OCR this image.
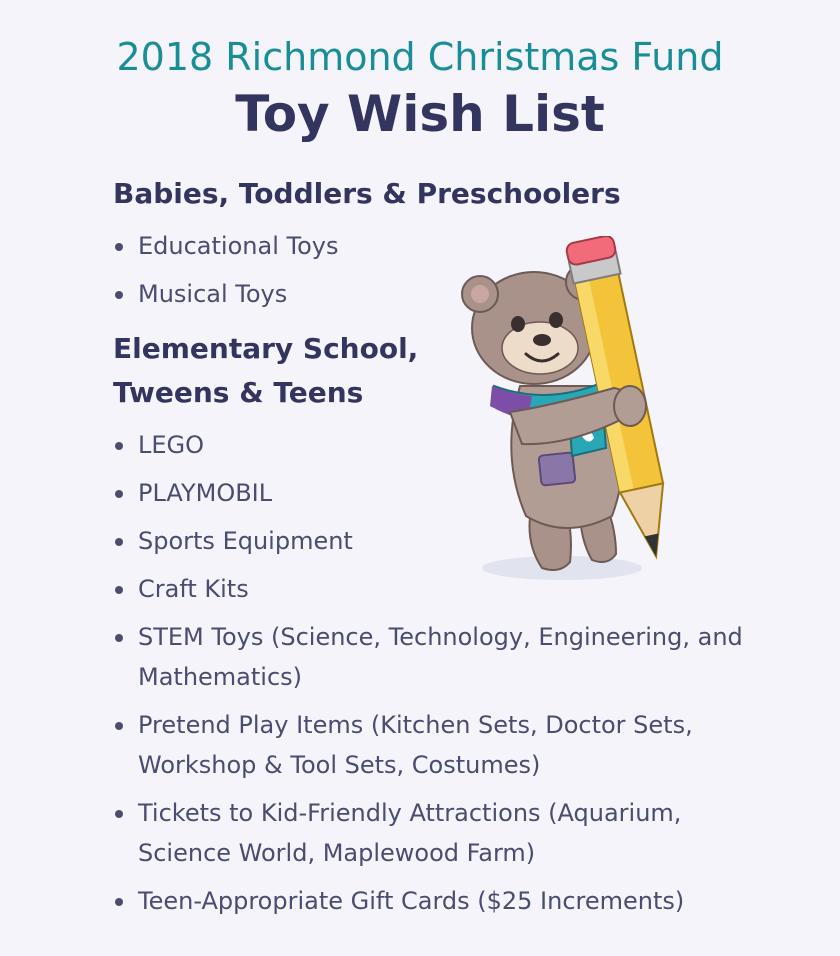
2018 Richmond Christmas Fund
Toy Wish List
Babies, Toddlers & Preschoolers
Educational Toys
Musical Toys
Elementary School,
Tweens & Teens
LEGO
PLAYMOBIL
Sports Equipment
Craft Kits
STEM Toys (Science, Technology, Engineering, and Mathematics)
Pretend Play Items (Kitchen Sets, Doctor Sets, Workshop & Tool Sets, Costumes)
Tickets to Kid-Friendly Attractions (Aquarium, Science World, Maplewood Farm)
Teen-Appropriate Gift Cards ($25 Increments)
